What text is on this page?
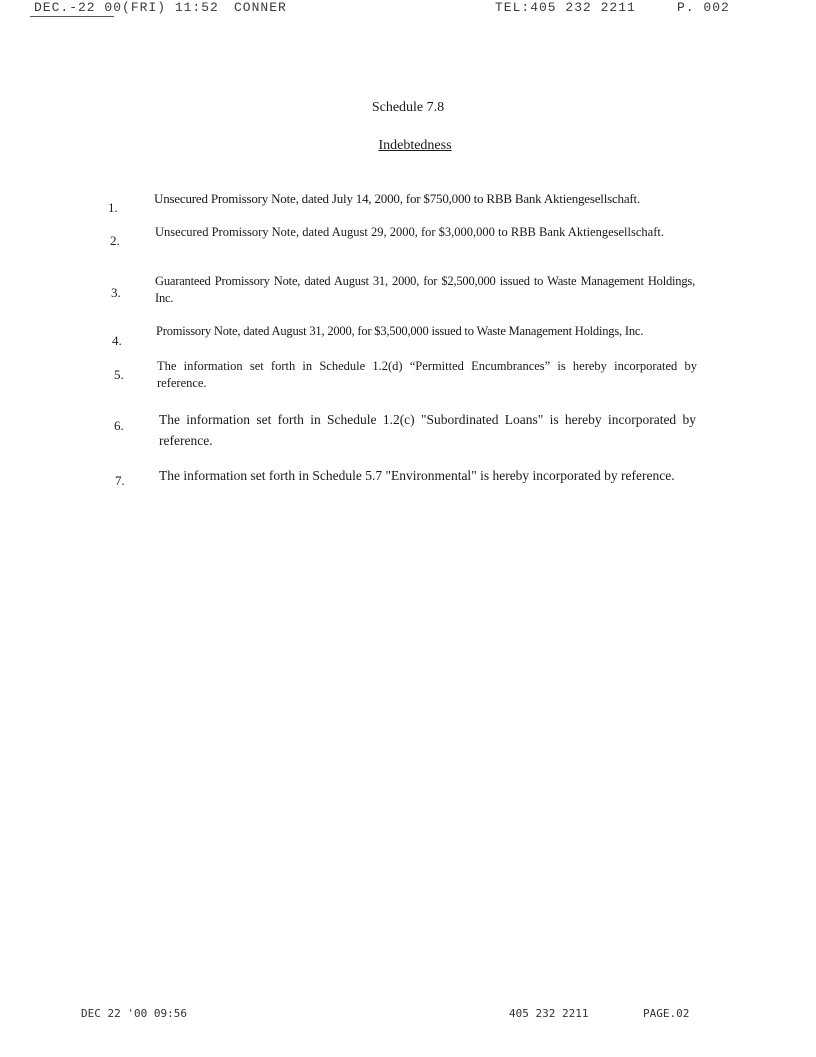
DEC.-22 00(FRI) 11:52 CONNER	TEL:405 232 2211	P. 002
Schedule 7.8
Indebtedness
1.
Unsecured Promissory Note, dated July 14, 2000, for $750,000 to RBB Bank Aktiengesellschaft.
2.
Unsecured Promissory Note, dated August 29, 2000, for $3,000,000 to RBB Bank Aktiengesellschaft.
3.
Guaranteed Promissory Note, dated August 31, 2000, for $2,500,000 issued to Waste Management Holdings, Inc.
4.
Promissory Note, dated August 31, 2000, for $3,500,000 issued to Waste Management Holdings, Inc.
5.
The information set forth in Schedule 1.2(d) “Permitted Encumbrances” is hereby incorporated by reference.
6.	The information set forth in Schedule 1.2(c) "Subordinated Loans" is hereby incorporated by reference.
7.	The information set forth in Schedule 5.7 "Environmental" is hereby incorporated by reference.
DEC 22 '00 09:56	405 232 2211	PAGE.02
